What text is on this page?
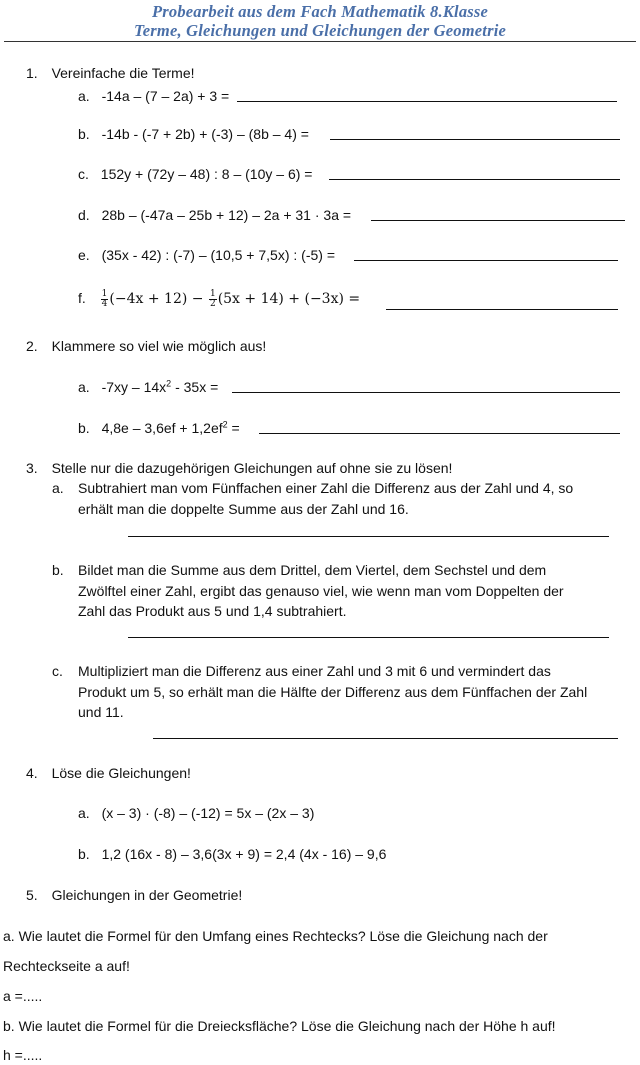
Probearbeit aus dem Fach Mathematik 8.Klasse
Terme, Gleichungen und Gleichungen der Geometrie
1. Vereinfache die Terme!
a. -14a – (7 – 2a) + 3 =
b. -14b - (-7 + 2b) + (-3) – (8b – 4) =
c. 152y + (72y – 48) : 8 – (10y – 6) =
d. 28b – (-47a – 25b + 12) – 2a + 31 · 3a =
e. (35x - 42) : (-7) – (10,5 + 7,5x) : (-5) =
f. $\frac{1}{4} (-4x + 12) - \frac{1}{2} (5x + 14) + (-3x)$ =
2. Klammere so viel wie möglich aus!
a. $-7xy - 14x^2 - 35x$ =
b. $4,8e - 3,6ef + 1,2ef^2$ =
3. Stelle nur die dazugehörigen Gleichungen auf ohne sie zu lösen!
a. Subtrahiert man vom Fünffachen einer Zahl die Differenz aus der Zahl und 4, so
erhält man die doppelte Summe aus der Zahl und 16.
b. Bildet man die Summe aus dem Drittel, dem Viertel, dem Sechstel und dem
Zwölftel einer Zahl, ergibt das genauso viel, wie wenn man vom Doppelten der
Zahl das Produkt aus 5 und 1,4 subtrahiert.
c. Multipliziert man die Differenz aus einer Zahl und 3 mit 6 und vermindert das
Produkt um 5, so erhält man die Hälfte der Differenz aus dem Fünffachen der Zahl
und 11.
4. Löse die Gleichungen!
a. (x – 3) · (-8) – (-12) = 5x – (2x – 3)
b. 1,2 (16x - 8) – 3,6(3x + 9) = 2,4 (4x - 16) – 9,6
5. Gleichungen in der Geometrie!
a. Wie lautet die Formel für den Umfang eines Rechtecks? Löse die Gleichung nach der
Rechteckseite a auf!
a =.....
b. Wie lautet die Formel für die Dreiecksfläche? Löse die Gleichung nach der Höhe h auf!
h =.....
